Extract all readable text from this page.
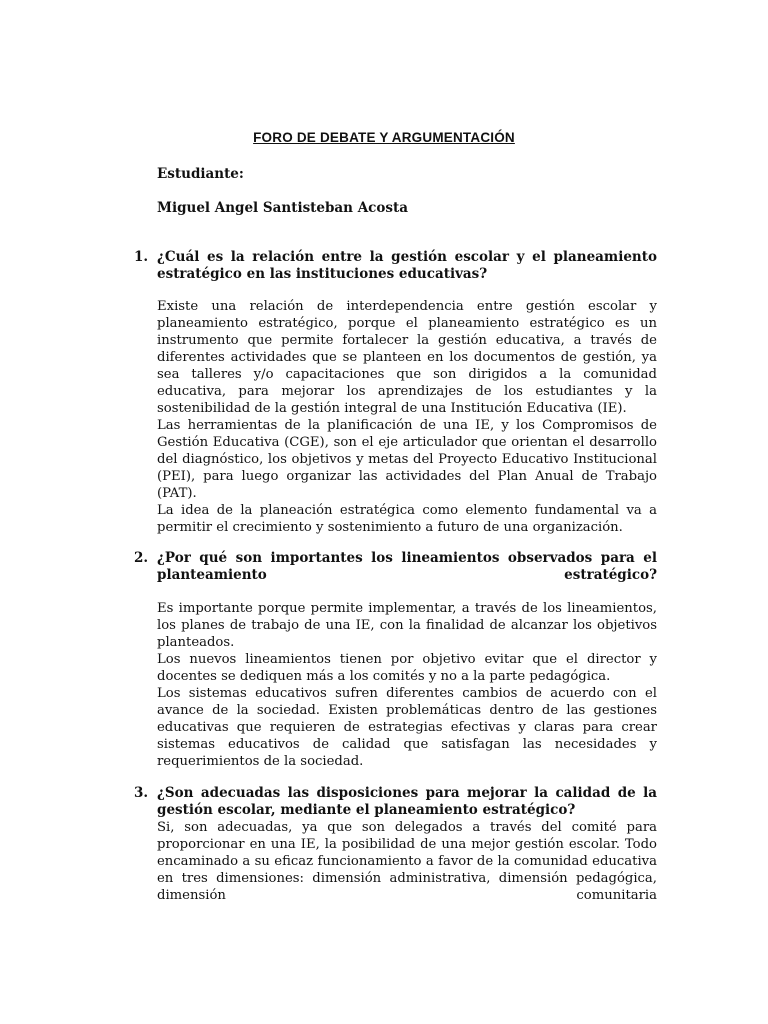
FORO DE DEBATE Y ARGUMENTACIÓN
Estudiante:
Miguel Angel Santisteban Acosta
1. ¿Cuál es la relación entre la gestión escolar y el planeamiento estratégico en las instituciones educativas?

Existe una relación de interdependencia entre gestión escolar y planeamiento estratégico, porque el planeamiento estratégico es un instrumento que permite fortalecer la gestión educativa, a través de diferentes actividades que se planteen en los documentos de gestión, ya sea talleres y/o capacitaciones que son dirigidos a la comunidad educativa, para mejorar los aprendizajes de los estudiantes y la sostenibilidad de la gestión integral de una Institución Educativa (IE).

Las herramientas de la planificación de una IE, y los Compromisos de Gestión Educativa (CGE), son el eje articulador que orientan el desarrollo del diagnóstico, los objetivos y metas del Proyecto Educativo Institucional (PEI), para luego organizar las actividades del Plan Anual de Trabajo (PAT).

La idea de la planeación estratégica como elemento fundamental va a permitir el crecimiento y sostenimiento a futuro de una organización.

2. ¿Por qué son importantes los lineamientos observados para el planteamiento estratégico?

Es importante porque permite implementar, a través de los lineamientos, los planes de trabajo de una IE, con la finalidad de alcanzar los objetivos planteados.

Los nuevos lineamientos tienen por objetivo evitar que el director y docentes se dediquen más a los comités y no a la parte pedagógica.

Los sistemas educativos sufren diferentes cambios de acuerdo con el avance de la sociedad. Existen problemáticas dentro de las gestiones educativas que requieren de estrategias efectivas y claras para crear sistemas educativos de calidad que satisfagan las necesidades y requerimientos de la sociedad.

3. ¿Son adecuadas las disposiciones para mejorar la calidad de la gestión escolar, mediante el planeamiento estratégico?

Si, son adecuadas, ya que son delegados a través del comité para proporcionar en una IE, la posibilidad de una mejor gestión escolar. Todo encaminado a su eficaz funcionamiento a favor de la comunidad educativa en tres dimensiones: dimensión administrativa, dimensión pedagógica, dimensión comunitaria
